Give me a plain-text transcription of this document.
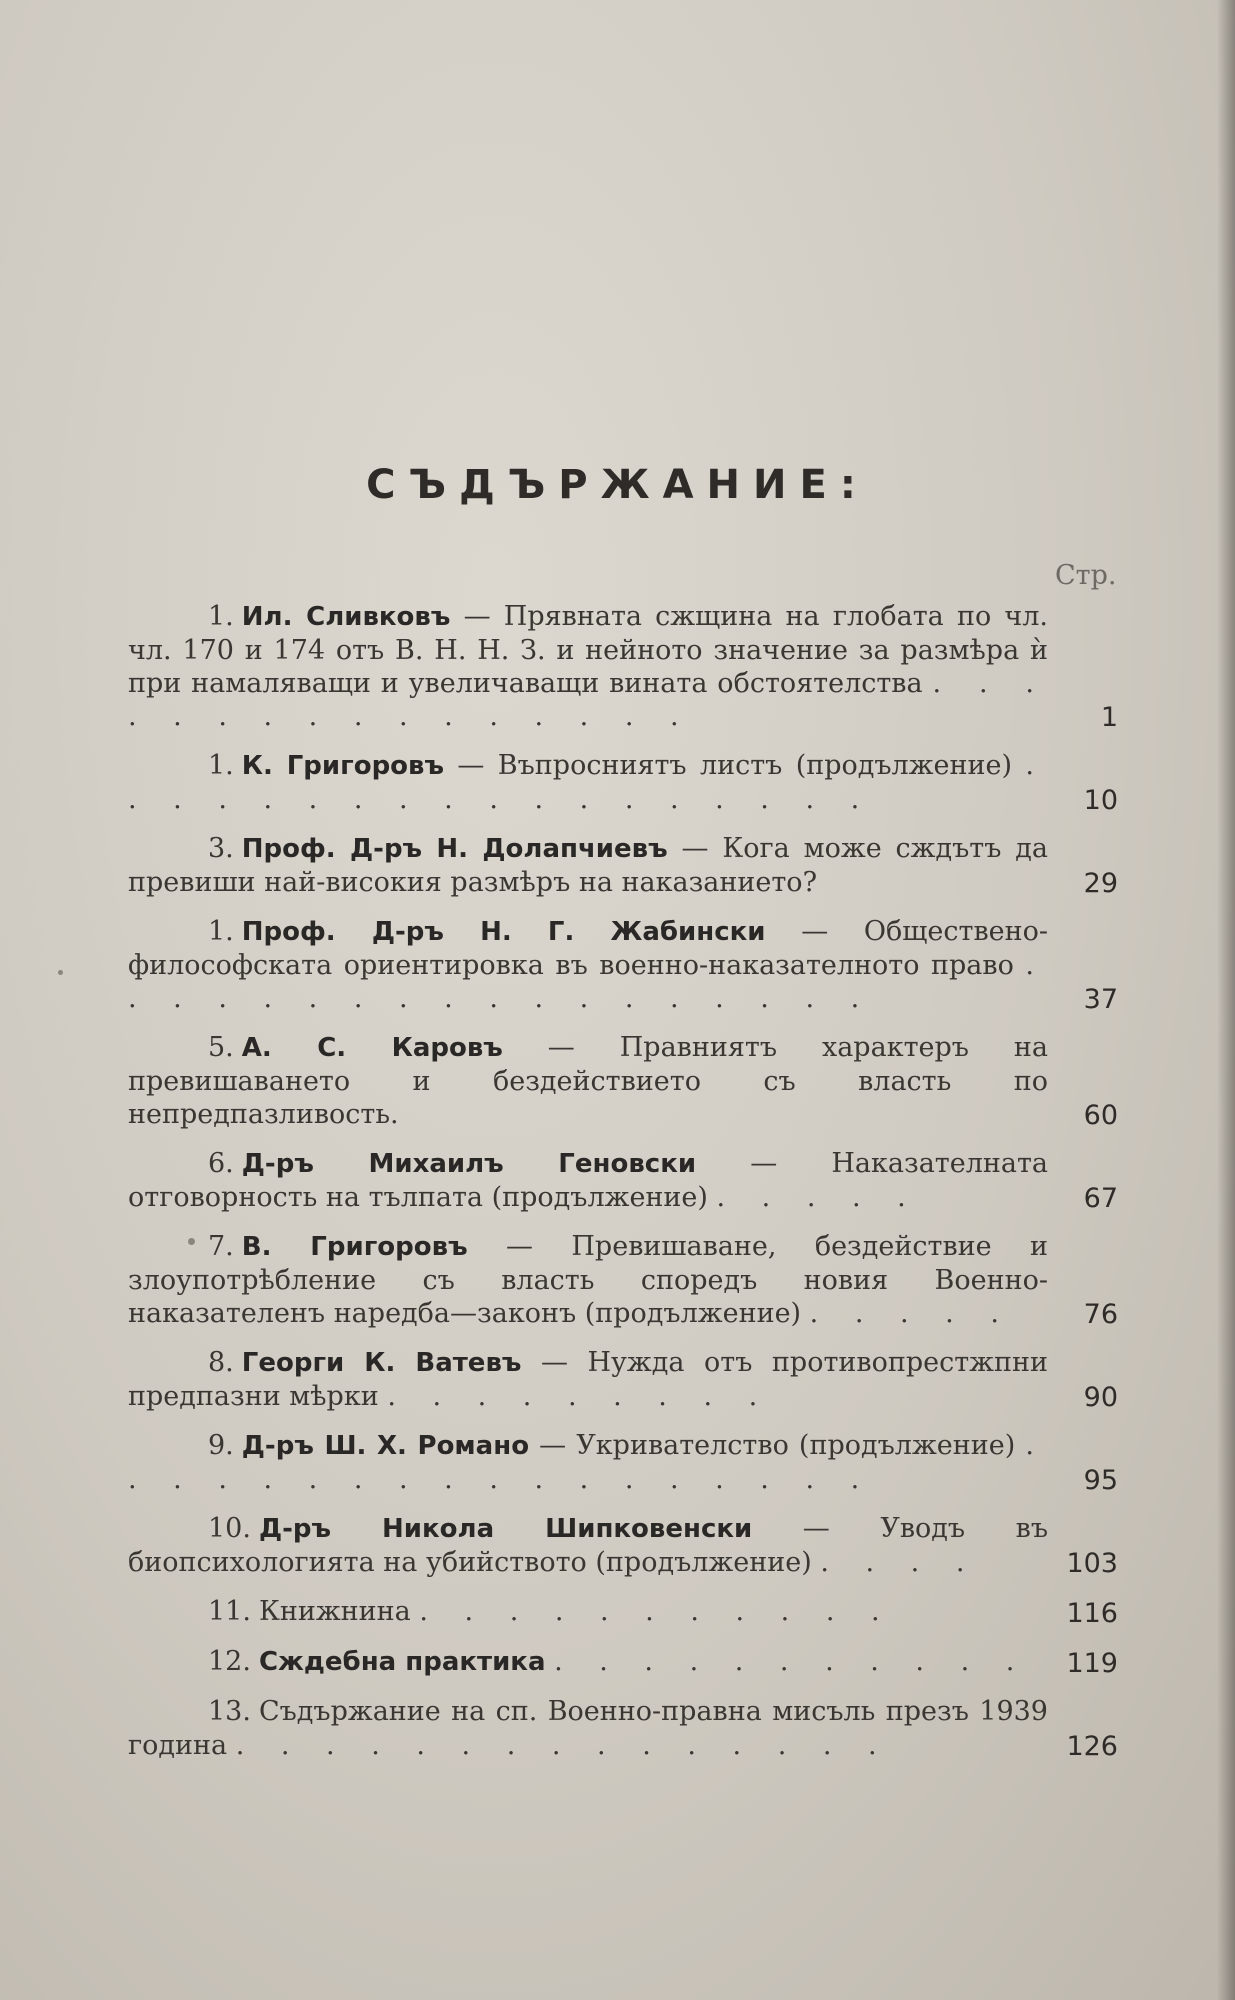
СЪДЪРЖАНИЕ:
Стр.
1. Ил. Сливковъ — Прявната сжщина на глобата по чл. чл. 170 и 174 отъ В. Н. Н. З. и нейното значение за размѣра ѝ при намаляващи и увеличаващи вината обстоятелства . . . . . . . . . . . . . . . .	1
1. К. Григоровъ — Въпросниятъ листъ (продължение) . . . . . . . . . . . . . . . . . .	10
3. Проф. Д-ръ Н. Долапчиевъ — Кога може сждътъ да превиши най-високия размѣръ на наказанието?	29
1. Проф. Д-ръ Н. Г. Жабински — Обществено-философската ориентировка въ военно-наказателното право . . . . . . . . . . . . . . . . . .	37
5. А. С. Каровъ — Правниятъ характеръ на превишаването и бездействието съ власть по непредпазливость.	60
6. Д-ръ Михаилъ Геновски — Наказателната отговорность на тълпата (продължение) . . . . .	67
7. В. Григоровъ — Превишаване, бездействие и злоупотрѣбление съ власть споредъ новия Военно-наказателенъ наредба—законъ (продължение) . . . . .	76
8. Георги К. Ватевъ — Нужда отъ противопрестжпни предпазни мѣрки . . . . . . . . .	90
9. Д-ръ Ш. Х. Романо — Укривателство (продължение) . . . . . . . . . . . . . . . . . .	95
10. Д-ръ Никола Шипковенски — Уводъ въ биопсихологията на убийството (продължение) . . . .	103
11. Книжнина . . . . . . . . . . .	116
12. Сждебна практика . . . . . . . . . . .	119
13. Съдържание на сп. Военно-правна мисъль презъ 1939 година . . . . . . . . . . . . . . .	126
